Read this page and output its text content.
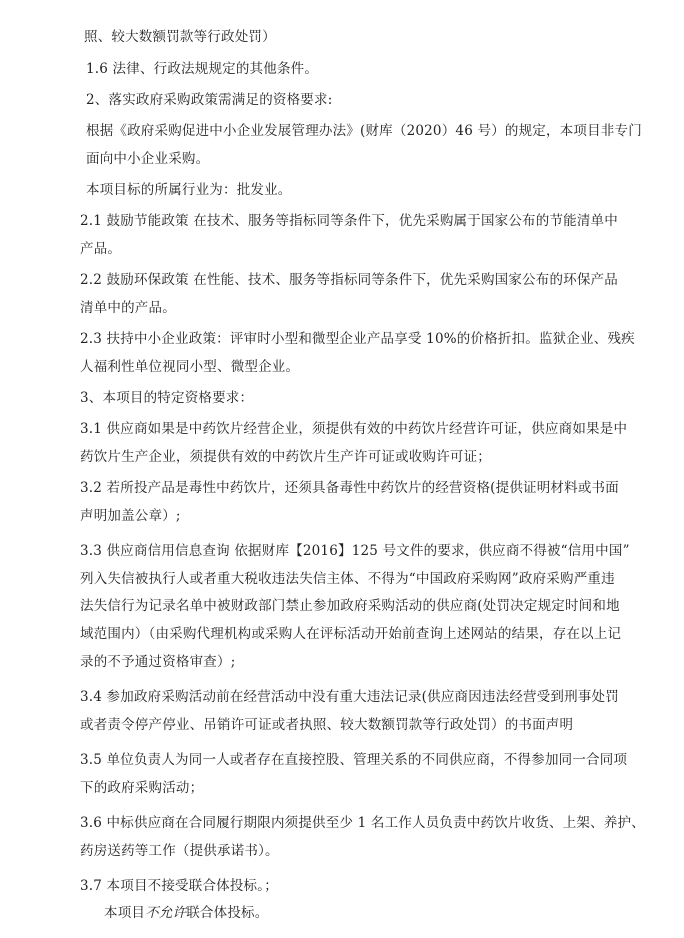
照、较大数额罚款等行政处罚）
1.6 法律、行政法规规定的其他条件。
2、落实政府采购政策需满足的资格要求:
根据《政府采购促进中小企业发展管理办法》(财库（2020）46 号）的规定，本项目非专门
面向中小企业采购。
本项目标的所属行业为：批发业。
2.1 鼓励节能政策 在技术、服务等指标同等条件下，优先采购属于国家公布的节能清单中
产品。
2.2 鼓励环保政策 在性能、技术、服务等指标同等条件下，优先采购国家公布的环保产品
清单中的产品。
2.3 扶持中小企业政策：评审时小型和微型企业产品享受 10%的价格折扣。监狱企业、残疾
人福利性单位视同小型、微型企业。
3、本项目的特定资格要求：
3.1 供应商如果是中药饮片经营企业，须提供有效的中药饮片经营许可证，供应商如果是中
药饮片生产企业，须提供有效的中药饮片生产许可证或收购许可证；
3.2 若所投产品是毒性中药饮片，还须具备毒性中药饮片的经营资格(提供证明材料或书面
声明加盖公章）;
3.3 供应商信用信息查询 依据财库【2016】125 号文件的要求，供应商不得被“信用中国”
列入失信被执行人或者重大税收违法失信主体、不得为“中国政府采购网”政府采购严重违
法失信行为记录名单中被财政部门禁止参加政府采购活动的供应商(处罚决定规定时间和地
域范围内）（由采购代理机构或采购人在评标活动开始前查询上述网站的结果，存在以上记
录的不予通过资格审查）;
3.4 参加政府采购活动前在经营活动中没有重大违法记录(供应商因违法经营受到刑事处罚
或者责令停产停业、吊销许可证或者执照、较大数额罚款等行政处罚）的书面声明
3.5 单位负责人为同一人或者存在直接控股、管理关系的不同供应商，不得参加同一合同项
下的政府采购活动；
3.6 中标供应商在合同履行期限内须提供至少 1 名工作人员负责中药饮片收货、上架、养护、
药房送药等工作（提供承诺书）。
3.7 本项目不接受联合体投标。；
本项目不允许联合体投标。
